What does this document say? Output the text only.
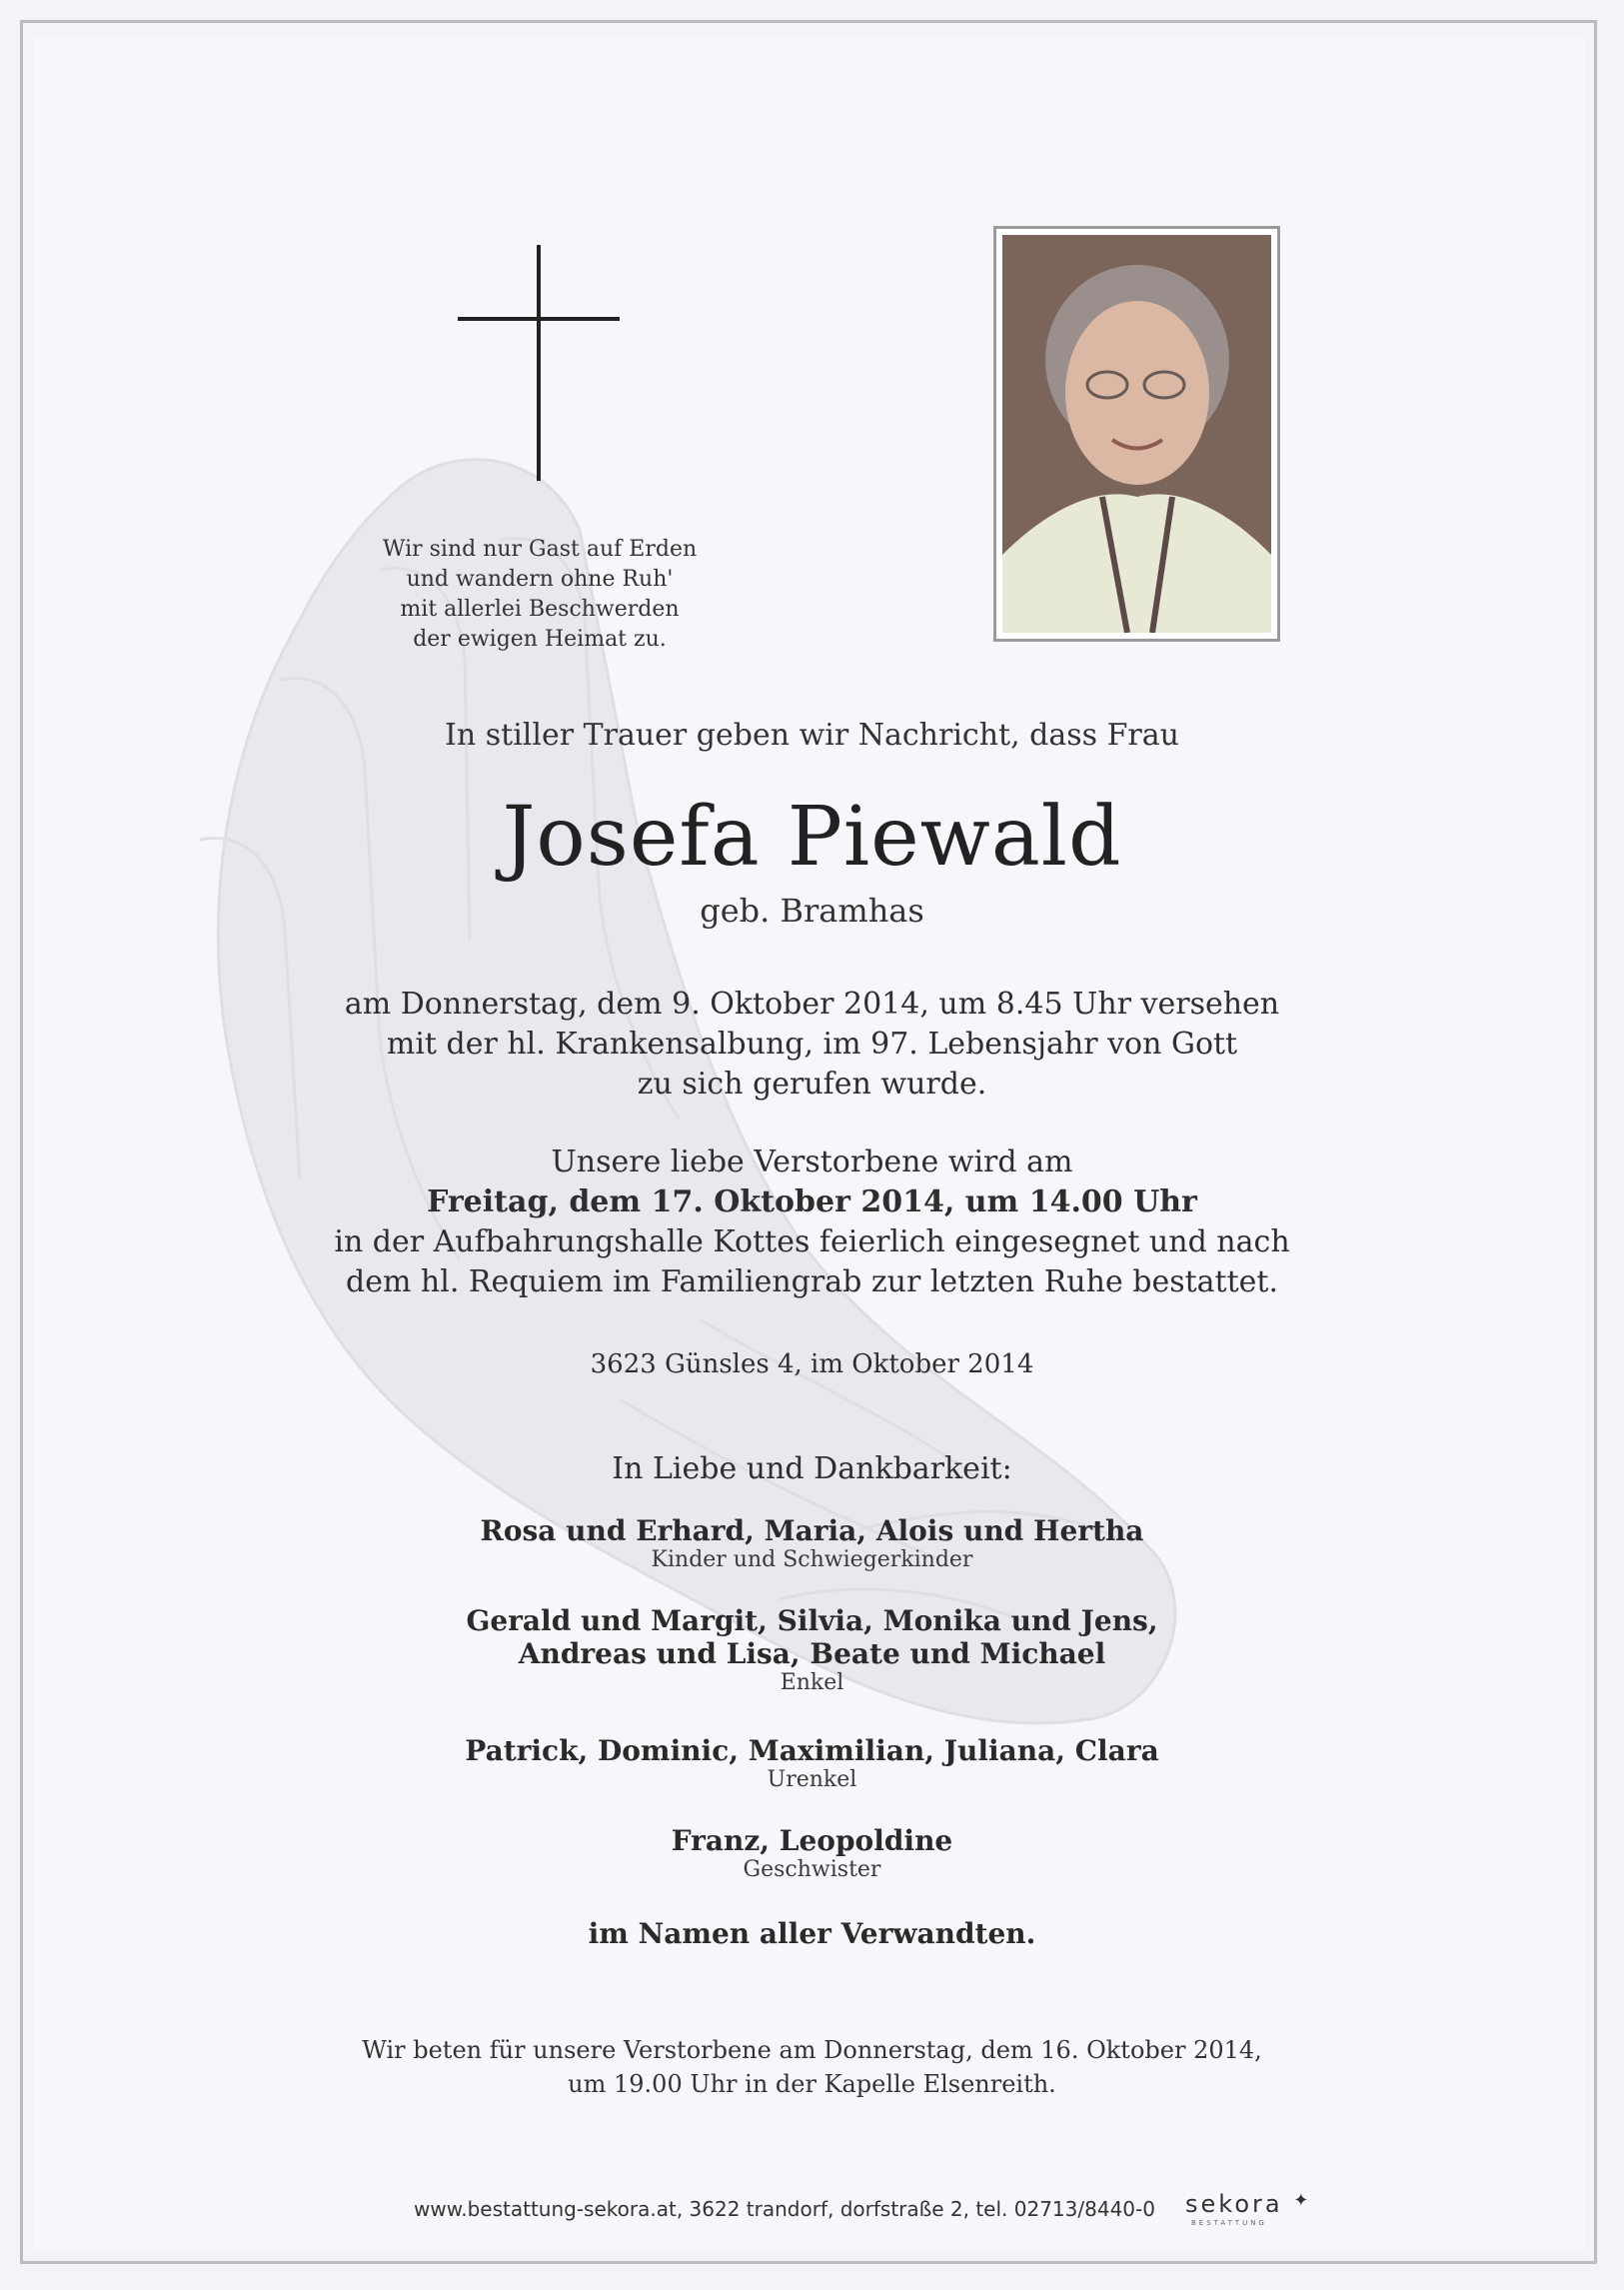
Wir sind nur Gast auf Erden
und wandern ohne Ruh'
mit allerlei Beschwerden
der ewigen Heimat zu.
In stiller Trauer geben wir Nachricht, dass Frau
Josefa Piewald
geb. Bramhas
am Donnerstag, dem 9. Oktober 2014, um 8.45 Uhr versehen
mit der hl. Krankensalbung, im 97. Lebensjahr von Gott
zu sich gerufen wurde.
Unsere liebe Verstorbene wird am
Freitag, dem 17. Oktober 2014, um 14.00 Uhr
in der Aufbahrungshalle Kottes feierlich eingesegnet und nach
dem hl. Requiem im Familiengrab zur letzten Ruhe bestattet.
3623 Günsles 4, im Oktober 2014
In Liebe und Dankbarkeit:
Rosa und Erhard, Maria, Alois und Hertha
Kinder und Schwiegerkinder
Gerald und Margit, Silvia, Monika und Jens,
Andreas und Lisa, Beate und Michael
Enkel
Patrick, Dominic, Maximilian, Juliana, Clara
Urenkel
Franz, Leopoldine
Geschwister
im Namen aller Verwandten.
Wir beten für unsere Verstorbene am Donnerstag, dem 16. Oktober 2014,
um 19.00 Uhr in der Kapelle Elsenreith.
www.bestattung-sekora.at, 3622 trandorf, dorfstraße 2, tel. 02713/8440-0 sekora ✦
BESTATTUNG
